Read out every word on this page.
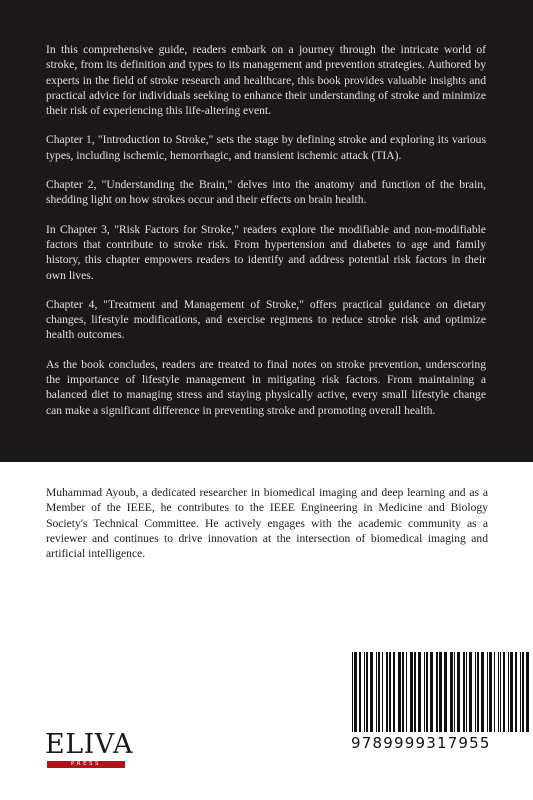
In this comprehensive guide, readers embark on a journey through the intricate world of stroke, from its definition and types to its management and prevention strategies. Authored by experts in the field of stroke research and healthcare, this book provides valuable insights and practical advice for individuals seeking to enhance their understanding of stroke and minimize their risk of experiencing this life-altering event.

Chapter 1, "Introduction to Stroke," sets the stage by defining stroke and exploring its various types, including ischemic, hemorrhagic, and transient ischemic attack (TIA).

Chapter 2, "Understanding the Brain," delves into the anatomy and function of the brain, shedding light on how strokes occur and their effects on brain health.

In Chapter 3, "Risk Factors for Stroke," readers explore the modifiable and non-modifiable factors that contribute to stroke risk. From hypertension and diabetes to age and family history, this chapter empowers readers to identify and address potential risk factors in their own lives.

Chapter 4, "Treatment and Management of Stroke," offers practical guidance on dietary changes, lifestyle modifications, and exercise regimens to reduce stroke risk and optimize health outcomes.

As the book concludes, readers are treated to final notes on stroke prevention, underscoring the importance of lifestyle management in mitigating risk factors. From maintaining a balanced diet to managing stress and staying physically active, every small lifestyle change can make a significant difference in preventing stroke and promoting overall health.

Muhammad Ayoub, a dedicated researcher in biomedical imaging and deep learning and as a Member of the IEEE, he contributes to the IEEE Engineering in Medicine and Biology Society's Technical Committee. He actively engages with the academic community as a reviewer and continues to drive innovation at the intersection of biomedical imaging and artificial intelligence.

9789999317955
ELIVA
PRESS
